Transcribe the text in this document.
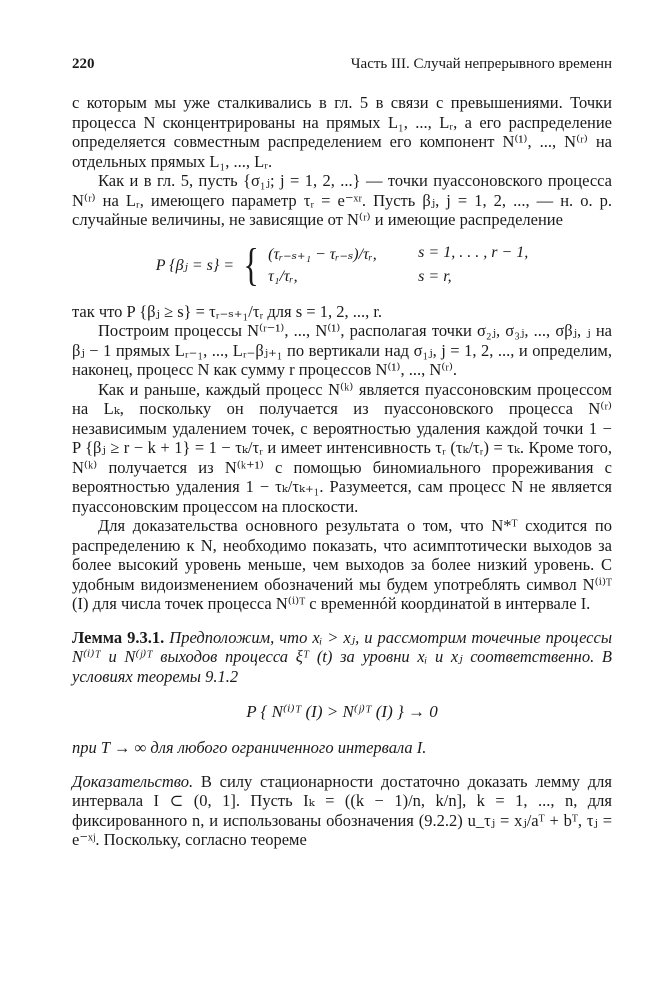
220	Часть III. Случай непрерывного временн

с которым мы уже сталкивались в гл. 5 в связи с превышениями. Точки процесса N сконцентрированы на прямых L₁, ..., Lᵣ, а его распределение определяется совместным распределением его компонент N⁽¹⁾, ..., N⁽ʳ⁾ на отдельных прямых L₁, ..., Lᵣ.

Как и в гл. 5, пусть {σ₁ⱼ; j = 1, 2, ...} — точки пуассоновского процесса N⁽ʳ⁾ на Lᵣ, имеющего параметр τᵣ = e⁻ˣʳ. Пусть βⱼ, j = 1, 2, ..., — н. о. р. случайные величины, не зависящие от N⁽ʳ⁾ и имеющие распределение

P {βⱼ = s} = { (τᵣ₋ₛ₊₁ − τᵣ₋ₛ)/τᵣ,	s = 1, . . . , r − 1,
τ₁/τᵣ,	s = r,

так что P {βⱼ ≥ s} = τᵣ₋ₛ₊₁/τᵣ для s = 1, 2, ..., r.

Построим процессы N⁽ʳ⁻¹⁾, ..., N⁽¹⁾, располагая точки σ₂ⱼ, σ₃ⱼ, ..., σβⱼ, ⱼ на βⱼ − 1 прямых Lᵣ₋₁, ..., Lᵣ₋βⱼ₊₁ по вертикали над σ₁ⱼ, j = 1, 2, ..., и определим, наконец, процесс N как сумму r процессов N⁽¹⁾, ..., N⁽ʳ⁾.

Как и раньше, каждый процесс N⁽ᵏ⁾ является пуассоновским процессом на Lₖ, поскольку он получается из пуассоновского процесса N⁽ʳ⁾ независимым удалением точек, с вероятностью удаления каждой точки 1 − P {βⱼ ≥ r − k + 1} = 1 − τₖ/τᵣ и имеет интенсивность τᵣ (τₖ/τᵣ) = τₖ. Кроме того, N⁽ᵏ⁾ получается из N⁽ᵏ⁺¹⁾ с помощью биномиального прореживания с вероятностью удаления 1 − τₖ/τₖ₊₁. Разумеется, сам процесс N не является пуассоновским процессом на плоскости.

Для доказательства основного результата о том, что N*ᵀ сходится по распределению к N, необходимо показать, что асимптотически выходов за более высокий уровень меньше, чем выходов за более низкий уровень. С удобным видоизменением обозначений мы будем употреблять символ N⁽ⁱ⁾ᵀ (I) для числа точек процесса N⁽ⁱ⁾ᵀ с временнóй координатой в интервале I.

Лемма 9.3.1. Предположим, что xᵢ > xⱼ, и рассмотрим точечные процессы N⁽ⁱ⁾ᵀ и N⁽ʲ⁾ᵀ выходов процесса ξᵀ (t) за уровни xᵢ и xⱼ соответственно. В условиях теоремы 9.1.2

P { N⁽ⁱ⁾ᵀ (I) > N⁽ʲ⁾ᵀ (I) } → 0

при T → ∞ для любого ограниченного интервала I.

Доказательство. В силу стационарности достаточно доказать лемму для интервала I ⊂ (0, 1]. Пусть Iₖ = ((k − 1)/n, k/n], k = 1, ..., n, для фиксированного n, и использованы обозначения (9.2.2) u_τⱼ = xⱼ/aᵀ + bᵀ, τⱼ = e⁻ˣʲ. Поскольку, согласно теореме
